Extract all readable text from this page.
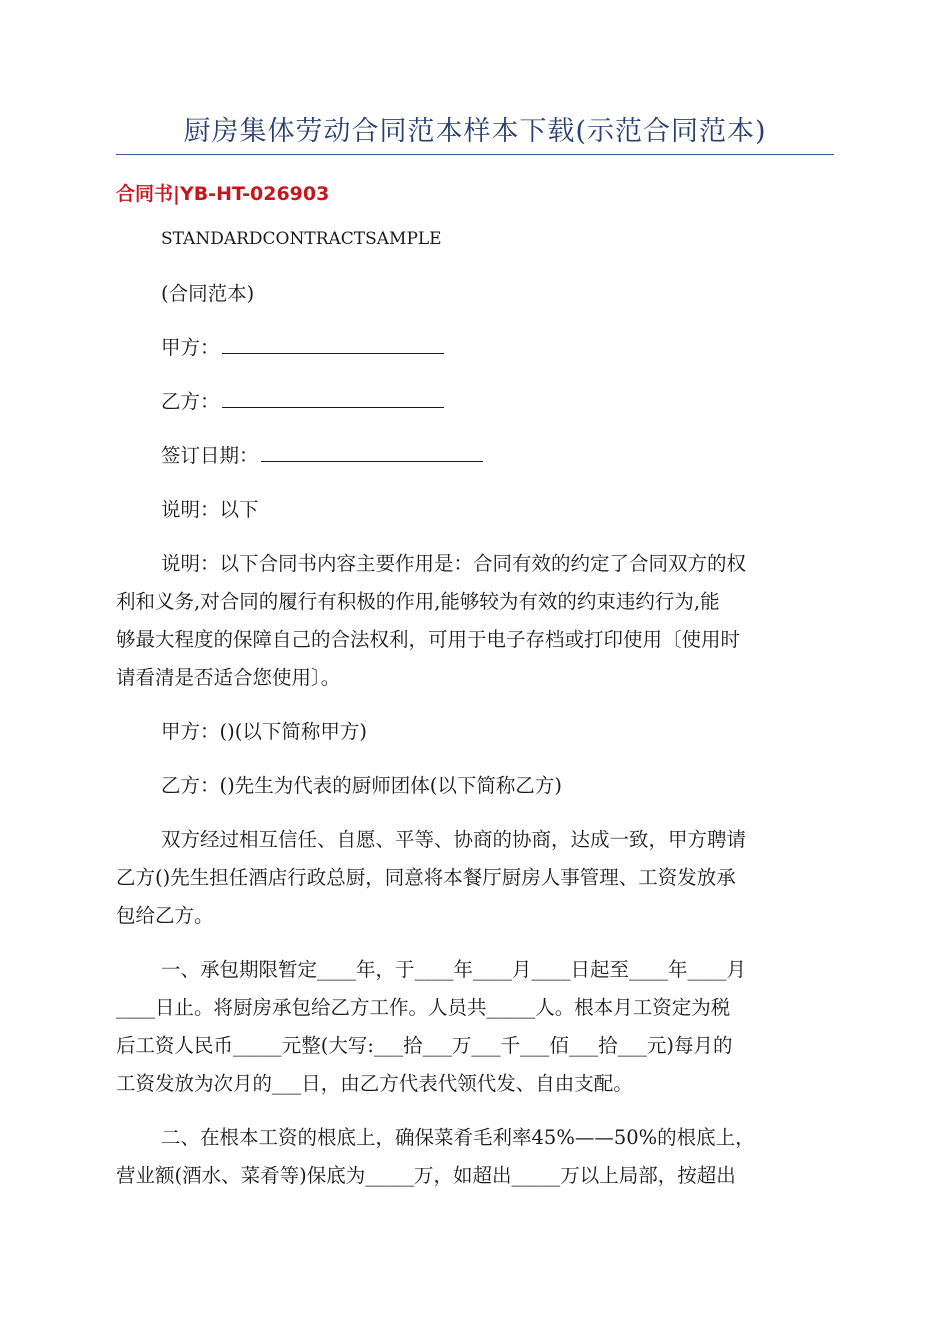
厨房集体劳动合同范本样本下载(示范合同范本)
合同书|YB-HT-026903
STANDARDCONTRACTSAMPLE
(合同范本)
甲方：
乙方：
签订日期：
说明：以下
说明：以下合同书内容主要作用是：合同有效的约定了合同双方的权
利和义务,对合同的履行有积极的作用,能够较为有效的约束违约行为,能
够最大程度的保障自己的合法权利，可用于电子存档或打印使用〔使用时
请看清是否适合您使用〕。
甲方：()(以下简称甲方)
乙方：()先生为代表的厨师团体(以下简称乙方)
双方经过相互信任、自愿、平等、协商的协商，达成一致，甲方聘请
乙方()先生担任酒店行政总厨，同意将本餐厅厨房人事管理、工资发放承
包给乙方。
一、承包期限暂定____年，于____年____月____日起至____年____月
____日止。将厨房承包给乙方工作。人员共_____人。根本月工资定为税
后工资人民币_____元整(大写:___拾___万___千___佰___拾___元)每月的
工资发放为次月的___日，由乙方代表代领代发、自由支配。
二、在根本工资的根底上，确保菜肴毛利率45%——50%的根底上，
营业额(酒水、菜肴等)保底为_____万，如超出_____万以上局部，按超出
